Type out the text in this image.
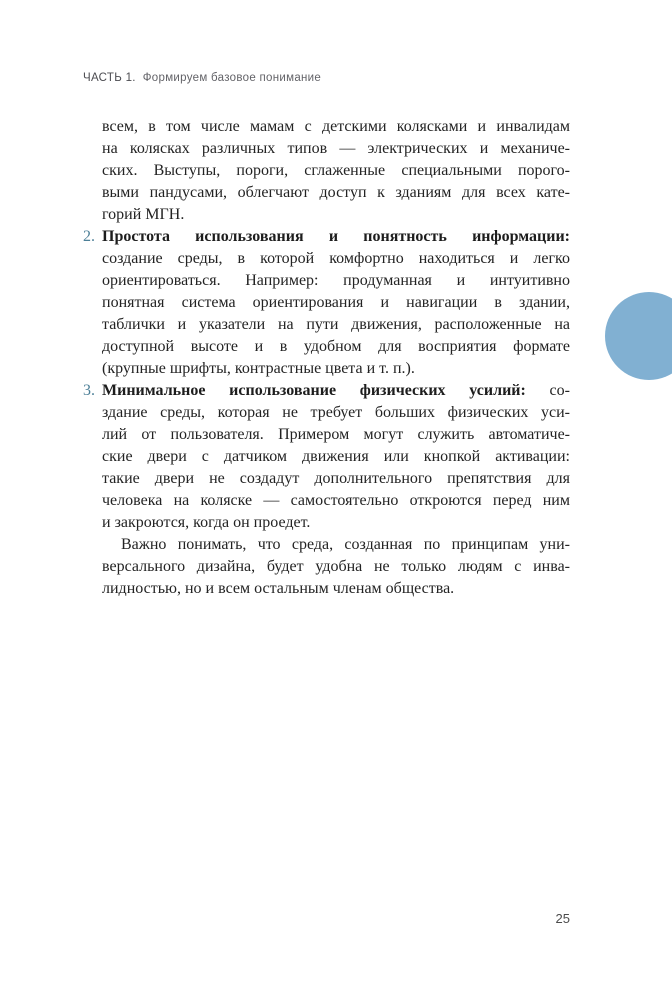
ЧАСТЬ 1. Формируем базовое понимание
всем, в том числе мамам с детскими колясками и инвалидам
на колясках различных типов — электрических и механиче-
ских. Выступы, пороги, сглаженные специальными порого-
выми пандусами, облегчают доступ к зданиям для всех кате-
горий МГН.
2. Простота использования и понятность информации:
создание среды, в которой комфортно находиться и легко
ориентироваться. Например: продуманная и интуитивно
понятная система ориентирования и навигации в здании,
таблички и указатели на пути движения, расположенные на
доступной высоте и в удобном для восприятия формате
(крупные шрифты, контрастные цвета и т. п.).
3. Минимальное использование физических усилий: со-
здание среды, которая не требует больших физических уси-
лий от пользователя. Примером могут служить автоматиче-
ские двери с датчиком движения или кнопкой активации:
такие двери не создадут дополнительного препятствия для
человека на коляске — самостоятельно откроются перед ним
и закроются, когда он проедет.
Важно понимать, что среда, созданная по принципам уни-
версального дизайна, будет удобна не только людям с инва-
лидностью, но и всем остальным членам общества.
25
